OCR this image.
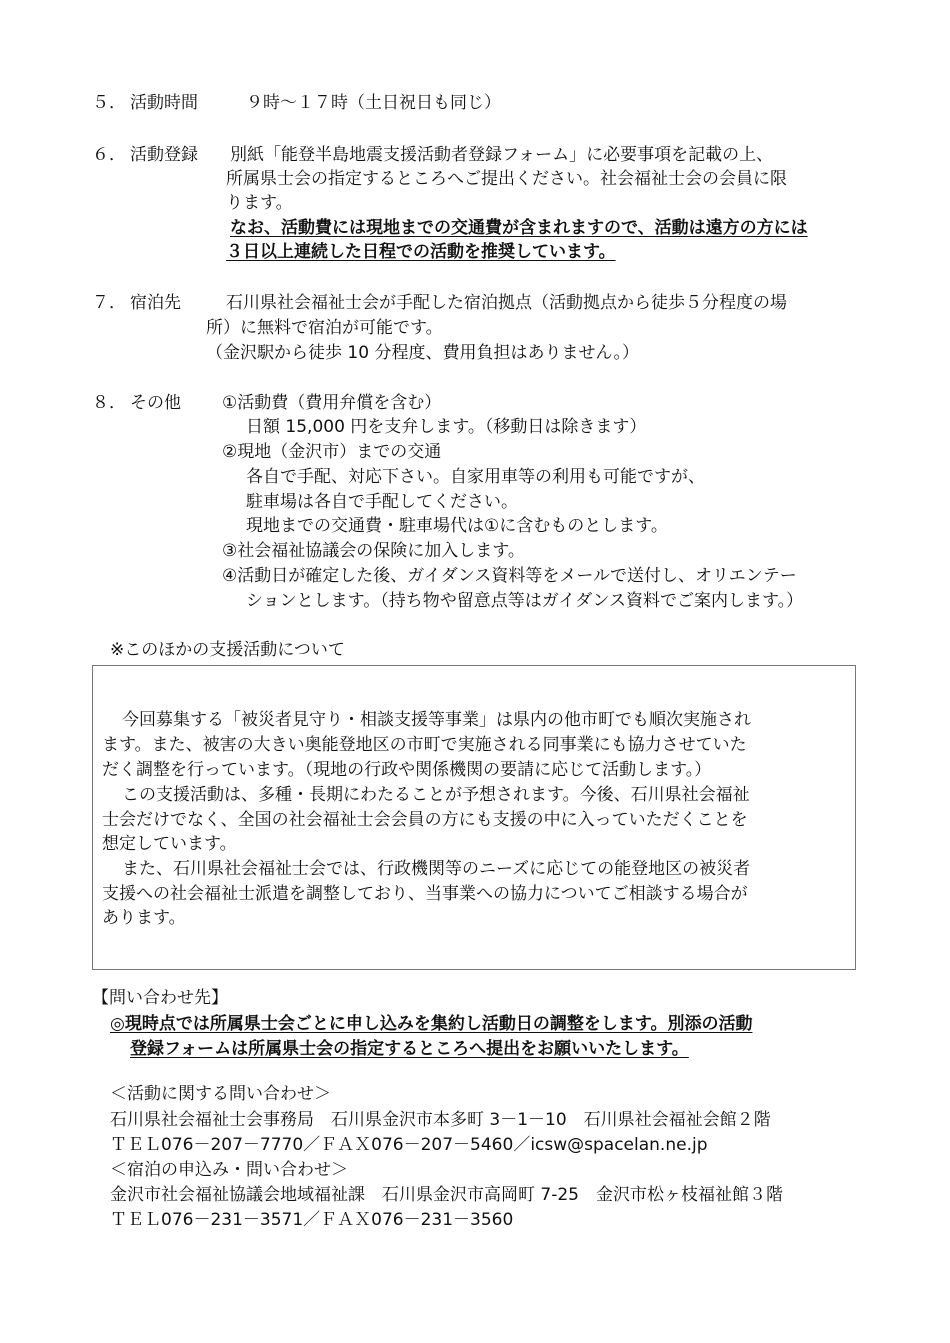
５． 活動時間	９時～１７時（土日祝日も同じ）
６． 活動登録 別紙「能登半島地震支援活動者登録フォーム」に必要事項を記載の上、
所属県士会の指定するところへご提出ください。社会福祉士会の会員に限
ります。
なお、活動費には現地までの交通費が含まれますので、活動は遠方の方には
３日以上連続した日程での活動を推奨しています。
７． 宿泊先	石川県社会福祉士会が手配した宿泊拠点（活動拠点から徒歩５分程度の場
所）に無料で宿泊が可能です。
（金沢駅から徒歩 10 分程度、費用負担はありません。）
８． その他 ①活動費（費用弁償を含む）
日額 15,000 円を支弁します。（移動日は除きます）
②現地（金沢市）までの交通
各自で手配、対応下さい。自家用車等の利用も可能ですが、
駐車場は各自で手配してください。
現地までの交通費・駐車場代は①に含むものとします。
③社会福祉協議会の保険に加入します。
④活動日が確定した後、ガイダンス資料等をメールで送付し、オリエンテー
ションとします。（持ち物や留意点等はガイダンス資料でご案内します。）
※このほかの支援活動について
今回募集する「被災者見守り・相談支援等事業」は県内の他市町でも順次実施され
ます。また、被害の大きい奥能登地区の市町で実施される同事業にも協力させていた
だく調整を行っています。（現地の行政や関係機関の要請に応じて活動します。）
この支援活動は、多種・長期にわたることが予想されます。今後、石川県社会福祉
士会だけでなく、全国の社会福祉士会会員の方にも支援の中に入っていただくことを
想定しています。
また、石川県社会福祉士会では、行政機関等のニーズに応じての能登地区の被災者
支援への社会福祉士派遣を調整しており、当事業への協力についてご相談する場合が
あります。
【問い合わせ先】
◎現時点では所属県士会ごとに申し込みを集約し活動日の調整をします。別添の活動
登録フォームは所属県士会の指定するところへ提出をお願いいたします。
＜活動に関する問い合わせ＞
石川県社会福祉士会事務局　石川県金沢市本多町 3－1－10　石川県社会福祉会館２階
ＴＥＬ076－207－7770／ＦＡＸ076－207－5460／icsw@spacelan.ne.jp
＜宿泊の申込み・問い合わせ＞
金沢市社会福祉協議会地域福祉課　石川県金沢市高岡町 7-25　金沢市松ヶ枝福祉館３階
ＴＥＬ076－231－3571／ＦＡＸ076－231－3560
